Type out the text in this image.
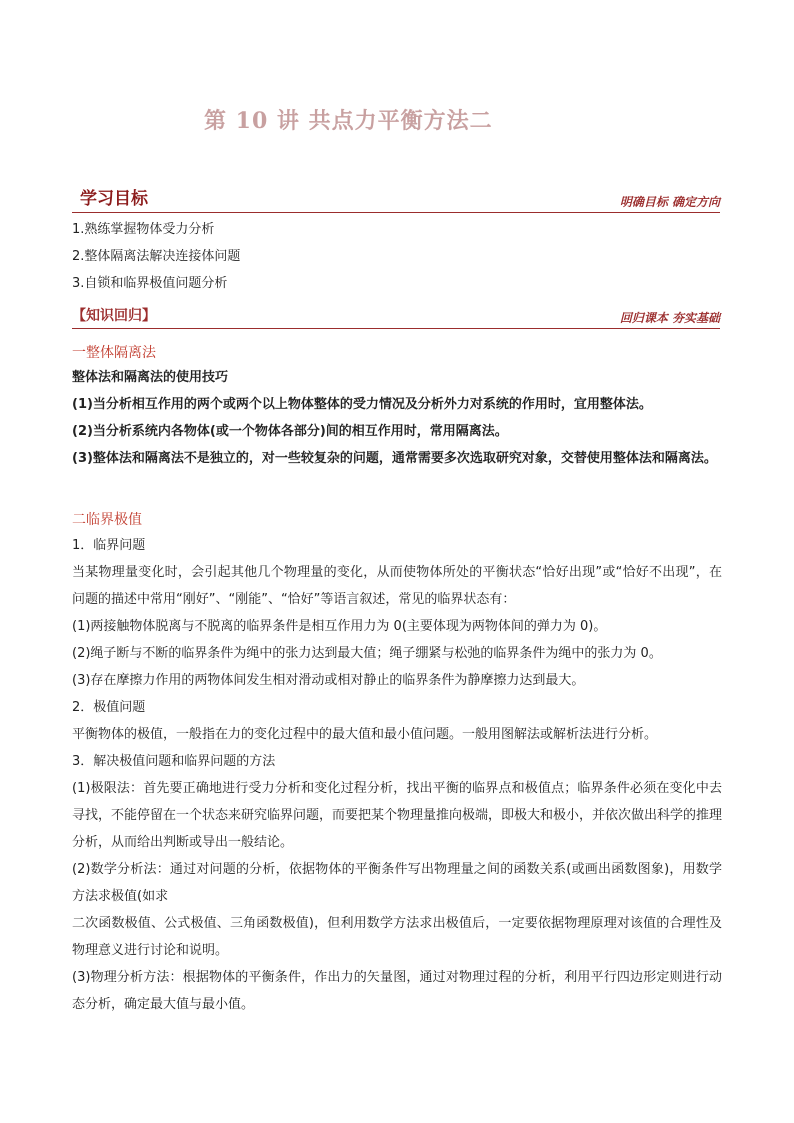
第 10 讲 共点力平衡方法二
学习目标	明确目标 确定方向
1.熟练掌握物体受力分析
2.整体隔离法解决连接体问题
3.自锁和临界极值问题分析
【知识回归】	回归课本 夯实基础
一整体隔离法

整体法和隔离法的使用技巧

(1)当分析相互作用的两个或两个以上物体整体的受力情况及分析外力对系统的作用时，宜用整体法。

(2)当分析系统内各物体(或一个物体各部分)间的相互作用时，常用隔离法。

(3)整体法和隔离法不是独立的，对一些较复杂的问题，通常需要多次选取研究对象，交替使用整体法和隔离法。

二临界极值

1．临界问题

当某物理量变化时，会引起其他几个物理量的变化，从而使物体所处的平衡状态“恰好出现”或“恰好不出现”，在问题的描述中常用“刚好”、“刚能”、“恰好”等语言叙述，常见的临界状态有：

(1)两接触物体脱离与不脱离的临界条件是相互作用力为 0(主要体现为两物体间的弹力为 0)。

(2)绳子断与不断的临界条件为绳中的张力达到最大值；绳子绷紧与松弛的临界条件为绳中的张力为 0。

(3)存在摩擦力作用的两物体间发生相对滑动或相对静止的临界条件为静摩擦力达到最大。

2．极值问题

平衡物体的极值，一般指在力的变化过程中的最大值和最小值问题。一般用图解法或解析法进行分析。

3．解决极值问题和临界问题的方法

(1)极限法：首先要正确地进行受力分析和变化过程分析，找出平衡的临界点和极值点；临界条件必须在变化中去寻找，不能停留在一个状态来研究临界问题，而要把某个物理量推向极端，即极大和极小，并依次做出科学的推理分析，从而给出判断或导出一般结论。

(2)数学分析法：通过对问题的分析，依据物体的平衡条件写出物理量之间的函数关系(或画出函数图象)，用数学方法求极值(如求

二次函数极值、公式极值、三角函数极值)，但利用数学方法求出极值后，一定要依据物理原理对该值的合理性及物理意义进行讨论和说明。

(3)物理分析方法：根据物体的平衡条件，作出力的矢量图，通过对物理过程的分析，利用平行四边形定则进行动态分析，确定最大值与最小值。
